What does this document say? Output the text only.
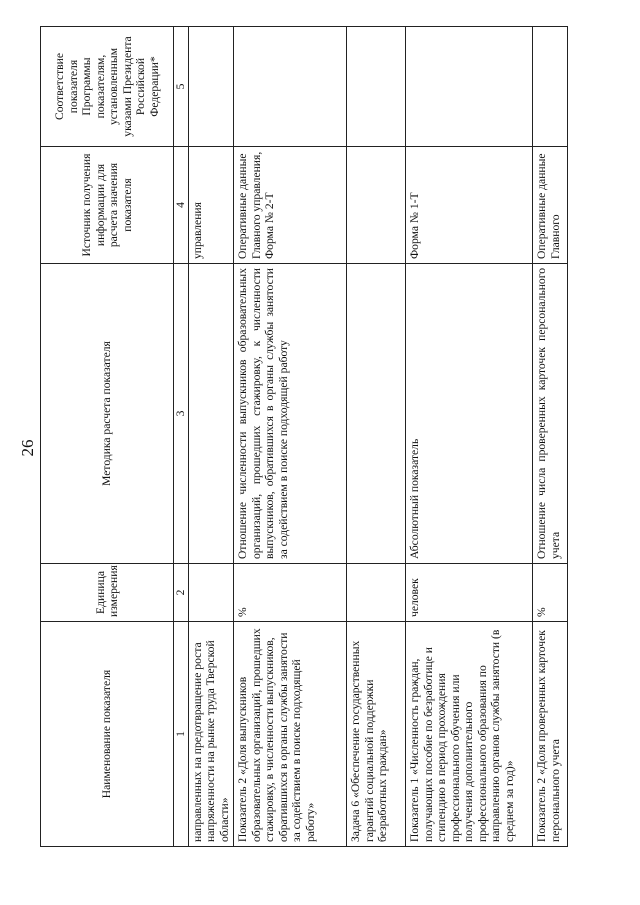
26
Наименование показателя	Единица измерения	Методика расчета показателя	Источник получения информации для расчета значения показателя	Соответствие показателя Программы показателям, установленным указами Президента Российской Федерации*
1	2	3	4	5
направленных на предотвращение роста напряженности на рынке труда Тверской области»			управления	
Показатель 2 «Доля выпускников образовательных организаций, прошедших стажировку, в численности выпускников, обратившихся в органы службы занятости за содействием в поиске подходящей работу»	%	Отношение численности выпускников образовательных организаций, прошедших стажировку, к численности выпускников, обратившихся в органы службы занятости за содействием в поиске подходящей работу	Оперативные данные Главного управления, Форма № 2-Т	
Задача 6 «Обеспечение государственных гарантий социальной поддержки безработных граждан»				
Показатель 1 «Численность граждан, получающих пособие по безработице и стипендию в период прохождения профессионального обучения или получения дополнительного профессионального образования по направлению органов службы занятости (в среднем за год)»	человек	Абсолютный показатель	Форма № 1-Т	
Показатель 2 «Доля проверенных карточек персонального учета	%	Отношение числа проверенных карточек персонального учета	Оперативные данные Главного	
